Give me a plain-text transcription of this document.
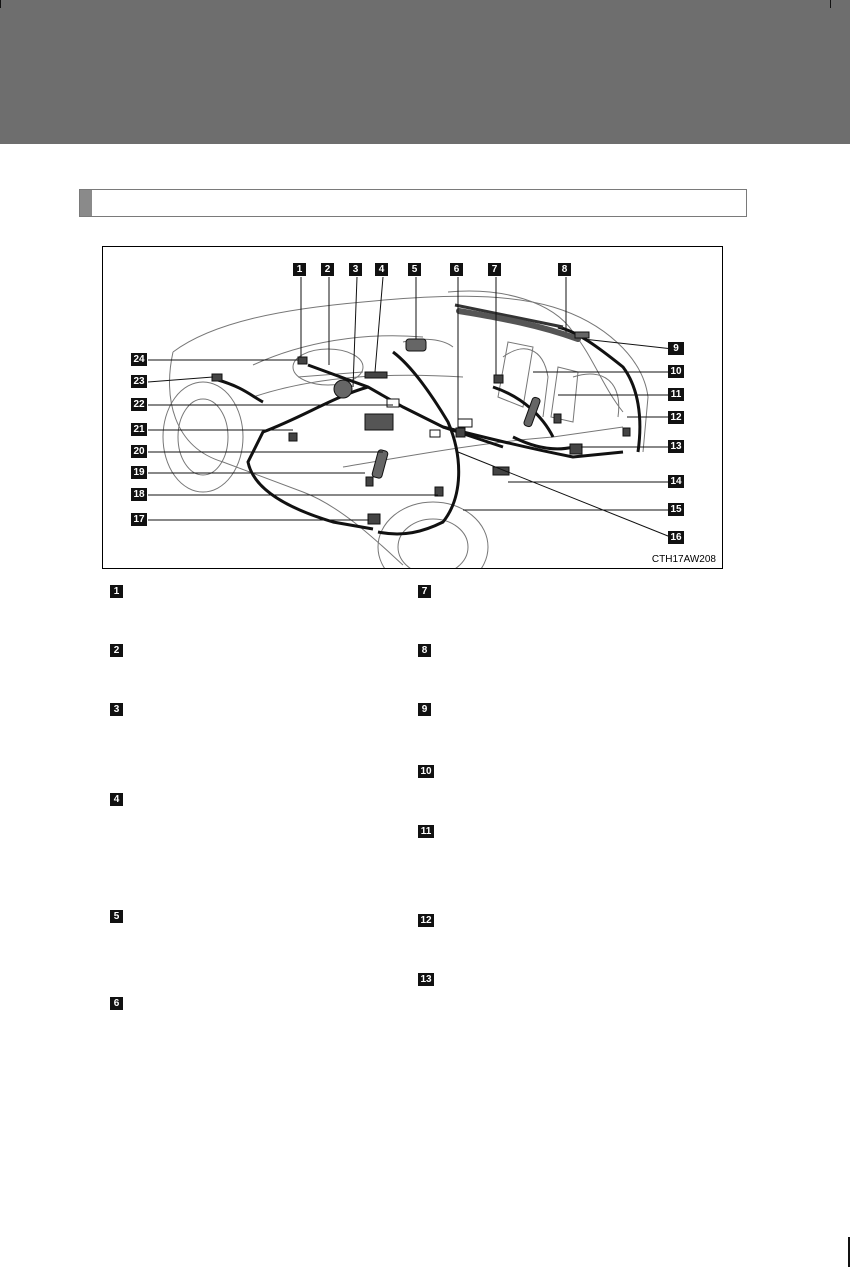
1	2	3	4	5	6	7	8
9
10
11
12
13
14
15
16
24
23
22
21
20
19
18
17
CTH17AW208
1
2
3
4
5
6
7
8
9
10
11
12
13
